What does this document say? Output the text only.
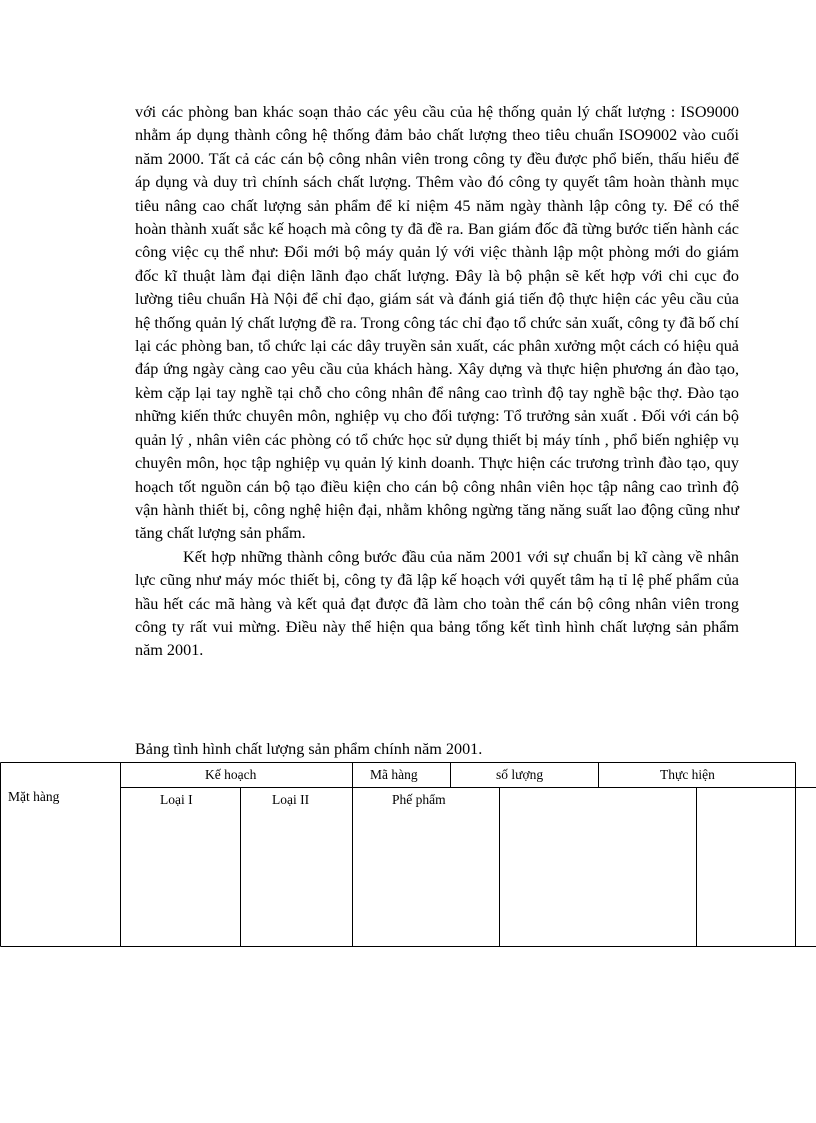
với các phòng ban khác soạn thảo các yêu cầu của hệ thống quản lý chất lượng : ISO9000 nhằm áp dụng thành công hệ thống đảm bảo chất lượng theo tiêu chuẩn ISO9002 vào cuối năm 2000. Tất cả các cán bộ công nhân viên trong công ty đều được phổ biến, thấu hiểu để áp dụng và duy trì chính sách chất lượng. Thêm vào đó công ty quyết tâm hoàn thành mục tiêu nâng cao chất lượng sản phẩm để kỉ niệm 45 năm ngày thành lập công ty. Để có thể hoàn thành xuất sắc kế hoạch mà công ty đã đề ra. Ban giám đốc đã từng bước tiến hành các công việc cụ thể như: Đổi mới bộ máy quản lý với việc thành lập một phòng mới do giám đốc kĩ thuật làm đại diện lãnh đạo chất lượng. Đây là bộ phận sẽ kết hợp với chi cục đo lường tiêu chuẩn Hà Nội để chỉ đạo, giám sát và đánh giá tiến độ thực hiện các yêu cầu của hệ thống quản lý chất lượng đề ra. Trong công tác chỉ đạo tổ chức sản xuất, công ty đã bố chí lại các phòng ban, tổ chức lại các dây truyền sản xuất, các phân xưởng một cách có hiệu quả đáp ứng ngày càng cao yêu cầu của khách hàng. Xây dựng và thực hiện phương án đào tạo, kèm cặp lại tay nghề tại chỗ cho công nhân để nâng cao trình độ tay nghề bậc thợ. Đào tạo những kiến thức chuyên môn, nghiệp vụ cho đối tượng: Tổ trưởng sản xuất . Đối với cán bộ quản lý , nhân viên các phòng có tổ chức học sử dụng thiết bị máy tính , phổ biến nghiệp vụ chuyên môn, học tập nghiệp vụ quản lý kinh doanh. Thực hiện các trương trình đào tạo, quy hoạch tốt nguồn cán bộ tạo điều kiện cho cán bộ công nhân viên học tập nâng cao trình độ vận hành thiết bị, công nghệ hiện đại, nhằm không ngừng tăng năng suất lao động cũng như tăng chất lượng sản phẩm.

Kết hợp những thành công bước đầu của năm 2001 với sự chuẩn bị kĩ càng về nhân lực cũng như máy móc thiết bị, công ty đã lập kế hoạch với quyết tâm hạ tỉ lệ phế phẩm của hầu hết các mã hàng và kết quả đạt được đã làm cho toàn thể cán bộ công nhân viên trong công ty rất vui mừng. Điều này thể hiện qua bảng tổng kết tình hình chất lượng sản phẩm năm 2001.

Bảng tình hình chất lượng sản phẩm chính năm 2001.
Mặt hàng
Kế hoạch	Mã hàng	số lượng	Thực hiện
Loại I	Loại II	Phế phẩm
